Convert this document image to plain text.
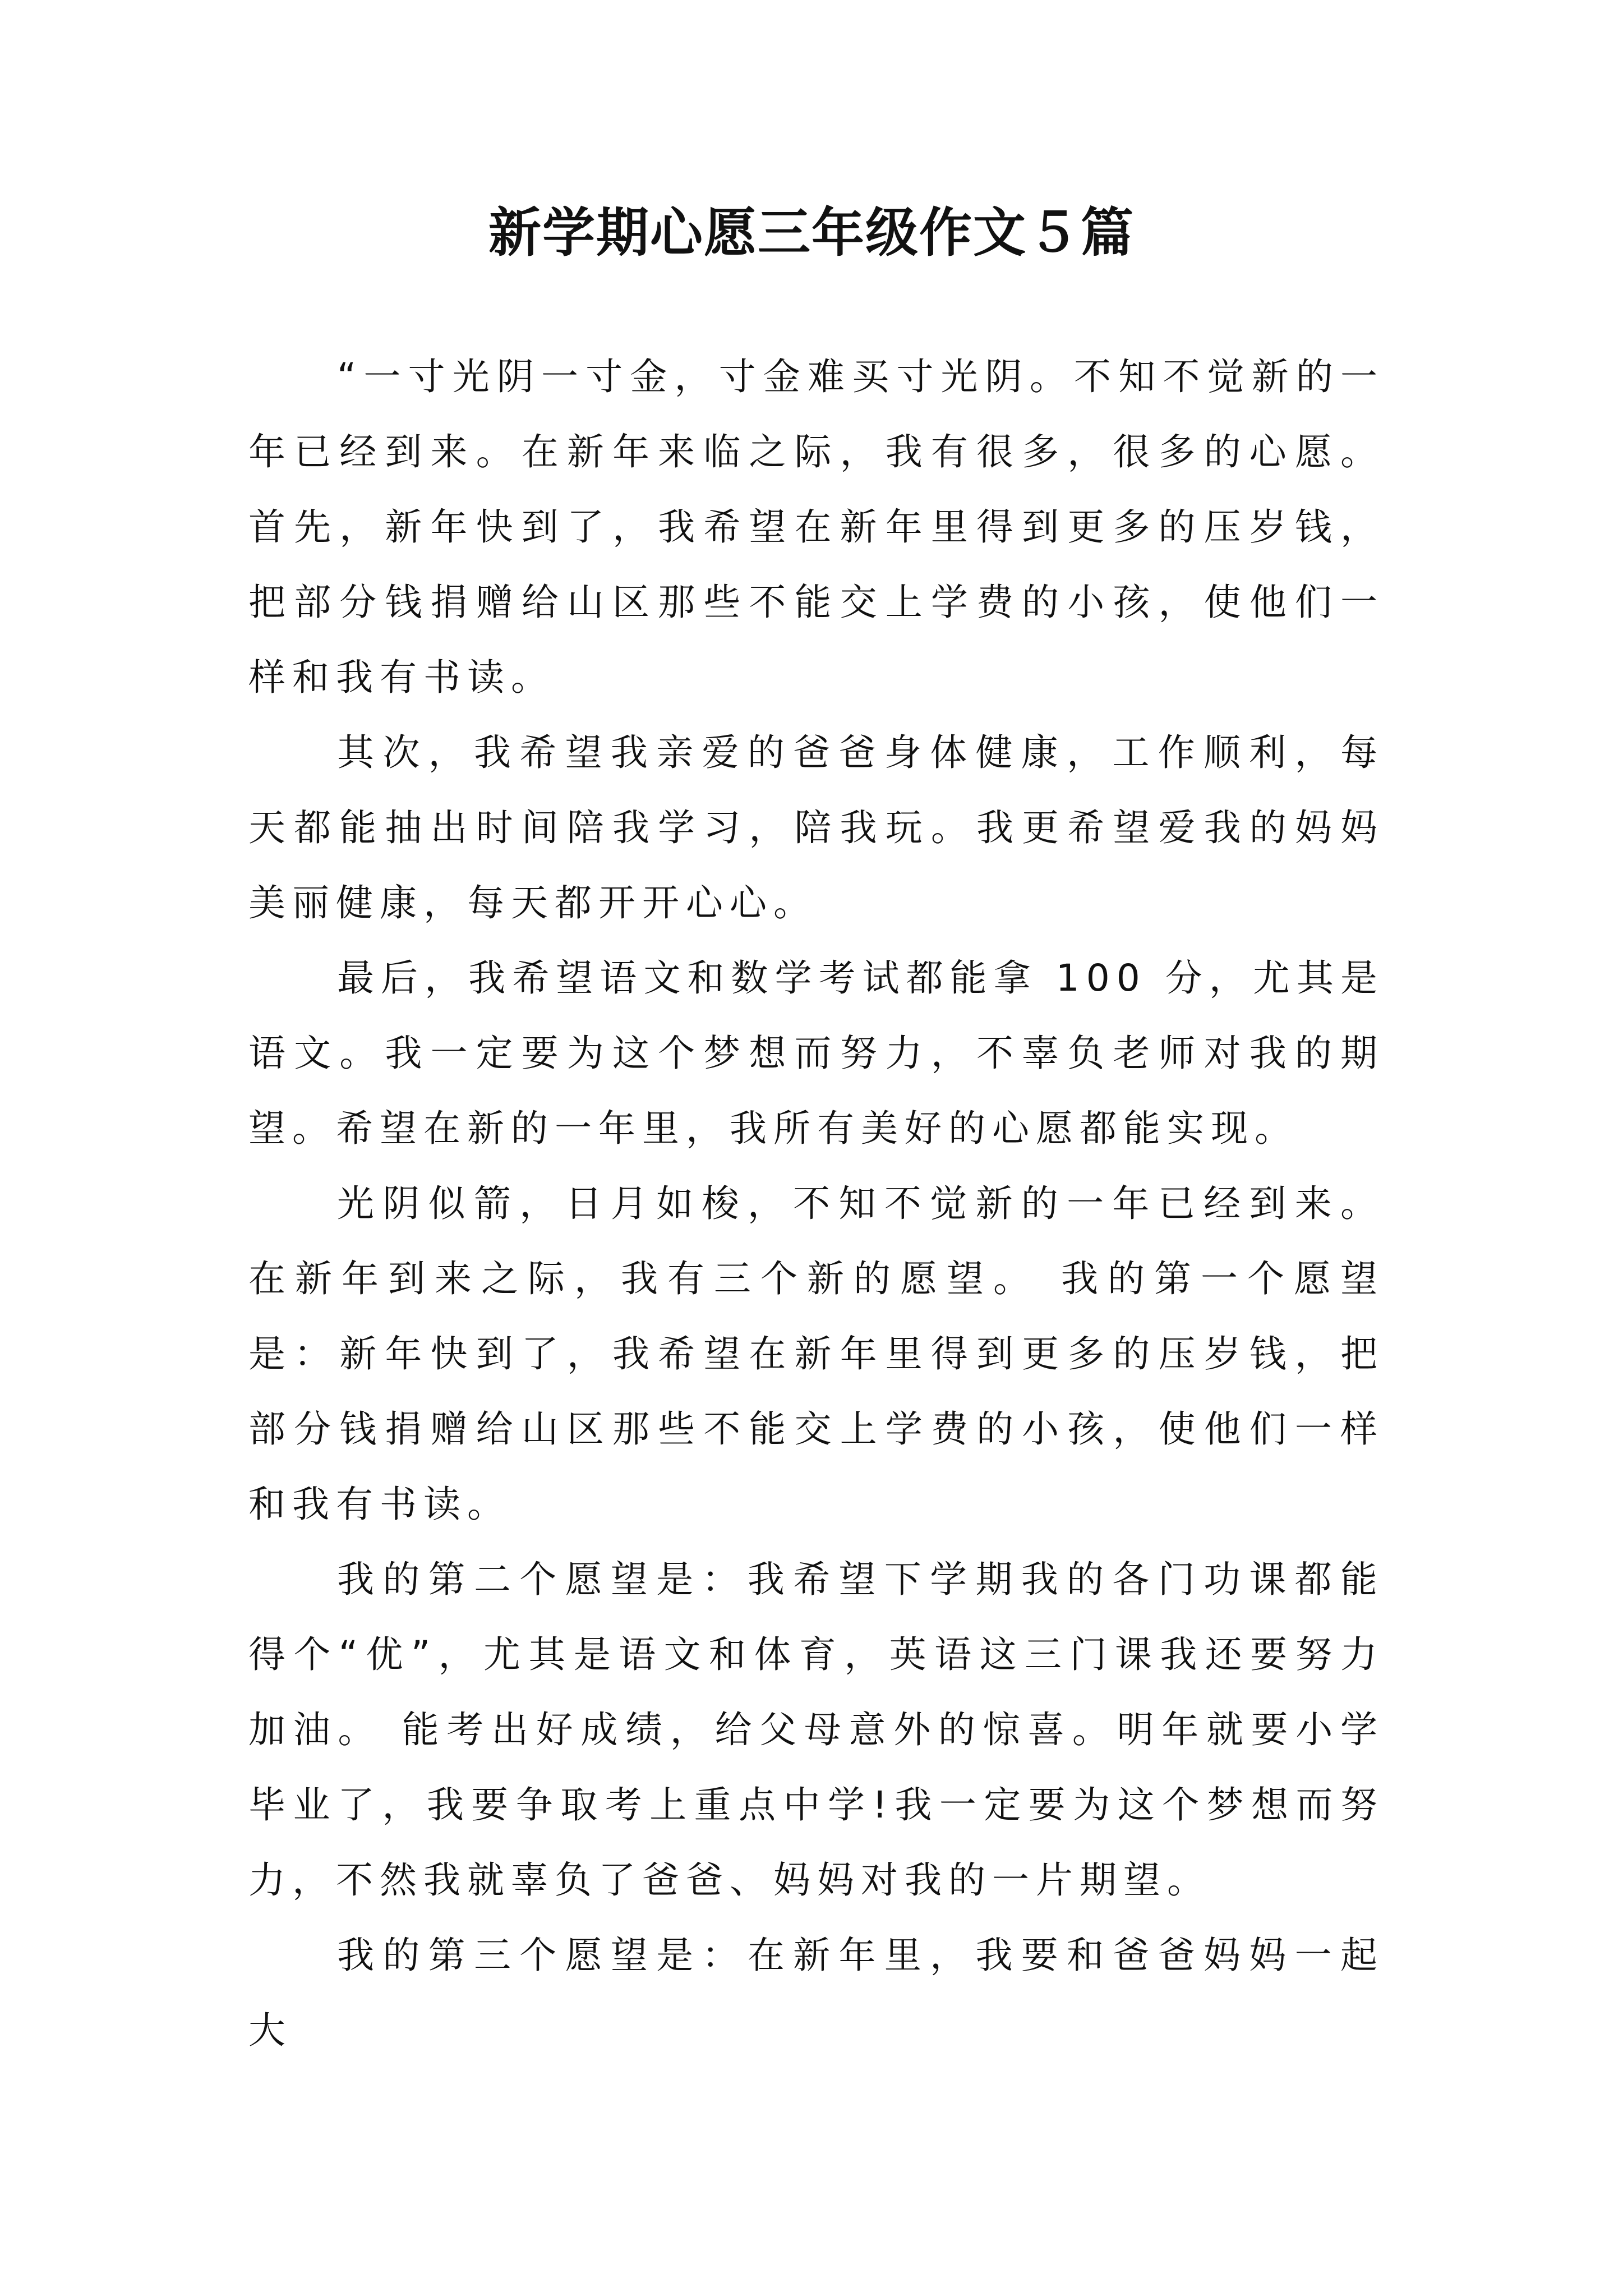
新学期心愿三年级作文５篇

“一寸光阴一寸金，寸金难买寸光阴。不知不觉新的一年已经到来。在新年来临之际，我有很多，很多的心愿。首先，新年快到了，我希望在新年里得到更多的压岁钱，把部分钱捐赠给山区那些不能交上学费的小孩，使他们一样和我有书读。

其次，我希望我亲爱的爸爸身体健康，工作顺利，每天都能抽出时间陪我学习，陪我玩。我更希望爱我的妈妈美丽健康，每天都开开心心。

最后，我希望语文和数学考试都能拿 100 分，尤其是语文。我一定要为这个梦想而努力，不辜负老师对我的期望。希望在新的一年里，我所有美好的心愿都能实现。

光阴似箭，日月如梭，不知不觉新的一年已经到来。在新年到来之际，我有三个新的愿望。 我的第一个愿望是：新年快到了，我希望在新年里得到更多的压岁钱，把部分钱捐赠给山区那些不能交上学费的小孩，使他们一样和我有书读。

我的第二个愿望是：我希望下学期我的各门功课都能得个“优”，尤其是语文和体育，英语这三门课我还要努力加油。 能考出好成绩，给父母意外的惊喜。明年就要小学毕业了，我要争取考上重点中学!我一定要为这个梦想而努力，不然我就辜负了爸爸、妈妈对我的一片期望。

我的第三个愿望是：在新年里，我要和爸爸妈妈一起大
